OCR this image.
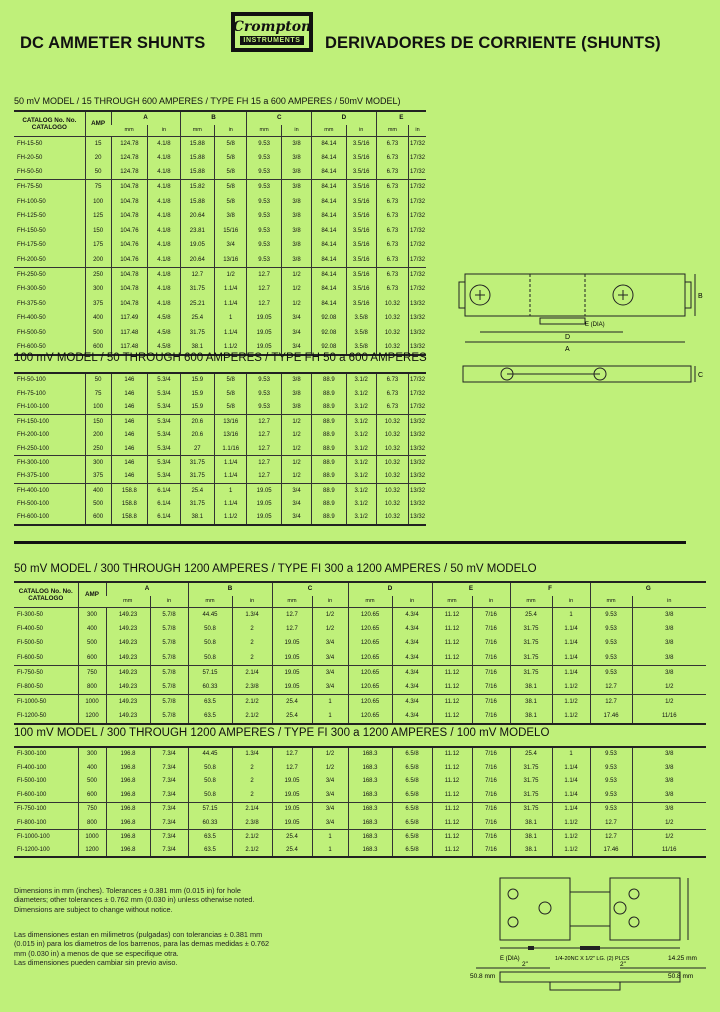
DC AMMETER SHUNTS
Crompton
INSTRUMENTS DERIVADORES DE CORRIENTE (SHUNTS)
50 mV MODEL / 15 THROUGH 600 AMPERES / TYPE FH 15 a 600 AMPERES / 50mV MODEL)
CATALOG No. No. CATALOGO	AMP	A		B		C		D		E	
		mm	in	mm	in	mm	in	mm	in	mm	in
FH-15-50	15	124.78	4.1/8	15.88	5/8	9.53	3/8	84.14	3.5/16	6.73	17/32
FH-20-50	20	124.78	4.1/8	15.88	5/8	9.53	3/8	84.14	3.5/16	6.73	17/32
FH-50-50	50	124.78	4.1/8	15.88	5/8	9.53	3/8	84.14	3.5/16	6.73	17/32
FH-75-50	75	104.78	4.1/8	15.82	5/8	9.53	3/8	84.14	3.5/16	6.73	17/32
FH-100-50	100	104.78	4.1/8	15.88	5/8	9.53	3/8	84.14	3.5/16	6.73	17/32
FH-125-50	125	104.78	4.1/8	20.64	3/8	9.53	3/8	84.14	3.5/16	6.73	17/32
FH-150-50	150	104.76	4.1/8	23.81	15/16	9.53	3/8	84.14	3.5/16	6.73	17/32
FH-175-50	175	104.76	4.1/8	19.05	3/4	9.53	3/8	84.14	3.5/16	6.73	17/32
FH-200-50	200	104.76	4.1/8	20.64	13/16	9.53	3/8	84.14	3.5/16	6.73	17/32
FH-250-50	250	104.78	4.1/8	12.7	1/2	12.7	1/2	84.14	3.5/16	6.73	17/32
FH-300-50	300	104.78	4.1/8	31.75	1.1/4	12.7	1/2	84.14	3.5/16	6.73	17/32
FH-375-50	375	104.78	4.1/8	25.21	1.1/4	12.7	1/2	84.14	3.5/16	10.32	13/32
FH-400-50	400	117.49	4.5/8	25.4	1	19.05	3/4	92.08	3.5/8	10.32	13/32
FH-500-50	500	117.48	4.5/8	31.75	1.1/4	19.05	3/4	92.08	3.5/8	10.32	13/32
FH-600-50	600	117.48	4.5/8	38.1	1.1/2	19.05	3/4	92.08	3.5/8	10.32	13/32
100 mV MODEL / 50 THROUGH 600 AMPERES / TYPE FH 50 a 600 AMPERES
FH-50-100	50	146	5.3/4	15.9	5/8	9.53	3/8	88.9	3.1/2	6.73	17/32
FH-75-100	75	146	5.3/4	15.9	5/8	9.53	3/8	88.9	3.1/2	6.73	17/32
FH-100-100	100	146	5.3/4	15.9	5/8	9.53	3/8	88.9	3.1/2	6.73	17/32
FH-150-100	150	146	5.3/4	20.6	13/16	12.7	1/2	88.9	3.1/2	10.32	13/32
FH-200-100	200	146	5.3/4	20.6	13/16	12.7	1/2	88.9	3.1/2	10.32	13/32
FH-250-100	250	146	5.3/4	27	1.1/16	12.7	1/2	88.9	3.1/2	10.32	13/32
FH-300-100	300	146	5.3/4	31.75	1.1/4	12.7	1/2	88.9	3.1/2	10.32	13/32
FH-375-100	375	146	5.3/4	31.75	1.1/4	12.7	1/2	88.9	3.1/2	10.32	13/32
FH-400-100	400	158.8	6.1/4	25.4	1	19.05	3/4	88.9	3.1/2	10.32	13/32
FH-500-100	500	158.8	6.1/4	31.75	1.1/4	19.05	3/4	88.9	3.1/2	10.32	13/32
FH-600-100	600	158.8	6.1/4	38.1	1.1/2	19.05	3/4	88.9	3.1/2	10.32	13/32
50 mV MODEL / 300 THROUGH 1200 AMPERES / TYPE FI 300 a 1200 AMPERES / 50 mV MODELO
CATALOG No. No. CATALOGO	AMP	A		B		C		D		E		F		G	
		mm	in	mm	in	mm	in	mm	in	mm	in	mm	in	mm	in
FI-300-50	300	149.23	5.7/8	44.45	1.3/4	12.7	1/2	120.65	4.3/4	11.12	7/16	25.4	1	9.53	3/8
FI-400-50	400	149.23	5.7/8	50.8	2	12.7	1/2	120.65	4.3/4	11.12	7/16	31.75	1.1/4	9.53	3/8
FI-500-50	500	149.23	5.7/8	50.8	2	19.05	3/4	120.65	4.3/4	11.12	7/16	31.75	1.1/4	9.53	3/8
FI-600-50	600	149.23	5.7/8	50.8	2	19.05	3/4	120.65	4.3/4	11.12	7/16	31.75	1.1/4	9.53	3/8
FI-750-50	750	149.23	5.7/8	57.15	2.1/4	19.05	3/4	120.65	4.3/4	11.12	7/16	31.75	1.1/4	9.53	3/8
FI-800-50	800	149.23	5.7/8	60.33	2.3/8	19.05	3/4	120.65	4.3/4	11.12	7/16	38.1	1.1/2	12.7	1/2
FI-1000-50	1000	149.23	5.7/8	63.5	2.1/2	25.4	1	120.65	4.3/4	11.12	7/16	38.1	1.1/2	12.7	1/2
FI-1200-50	1200	149.23	5.7/8	63.5	2.1/2	25.4	1	120.65	4.3/4	11.12	7/16	38.1	1.1/2	17.46	11/16
100 mV MODEL / 300 THROUGH 1200 AMPERES / TYPE FI 300 a 1200 AMPERES / 100 mV MODELO
FI-300-100	300	196.8	7.3/4	44.45	1.3/4	12.7	1/2	168.3	6.5/8	11.12	7/16	25.4	1	9.53	3/8
FI-400-100	400	196.8	7.3/4	50.8	2	12.7	1/2	168.3	6.5/8	11.12	7/16	31.75	1.1/4	9.53	3/8
FI-500-100	500	196.8	7.3/4	50.8	2	19.05	3/4	168.3	6.5/8	11.12	7/16	31.75	1.1/4	9.53	3/8
FI-600-100	600	196.8	7.3/4	50.8	2	19.05	3/4	168.3	6.5/8	11.12	7/16	31.75	1.1/4	9.53	3/8
FI-750-100	750	196.8	7.3/4	57.15	2.1/4	19.05	3/4	168.3	6.5/8	11.12	7/16	31.75	1.1/4	9.53	3/8
FI-800-100	800	196.8	7.3/4	60.33	2.3/8	19.05	3/4	168.3	6.5/8	11.12	7/16	38.1	1.1/2	12.7	1/2
FI-1000-100	1000	196.8	7.3/4	63.5	2.1/2	25.4	1	168.3	6.5/8	11.12	7/16	38.1	1.1/2	12.7	1/2
FI-1200-100	1200	196.8	7.3/4	63.5	2.1/2	25.4	1	168.3	6.5/8	11.12	7/16	38.1	1.1/2	17.46	11/16
Dimensions in mm (inches). Tolerances ± 0.381 mm (0.015 in) for hole
diameters; other tolerances ± 0.762 mm (0.030 in) unless otherwise noted.
Dimensions are subject to change without notice.
Las dimensiones estan en milimetros (pulgadas) con tolerancias ± 0.381 mm
(0.015 in) para los diametros de los barrenos, para las demas medidas ± 0.762
mm (0.030 in) a menos de que se especifique otra.
Las dimensiones pueden cambiar sin previo aviso.
D
A
B
C
E (DIA)
E (DIA)	1/4-20NC X 1/2" LG. (2) PLCS	14.25 mm
50.8 mm	50.8 mm
2"	2"
